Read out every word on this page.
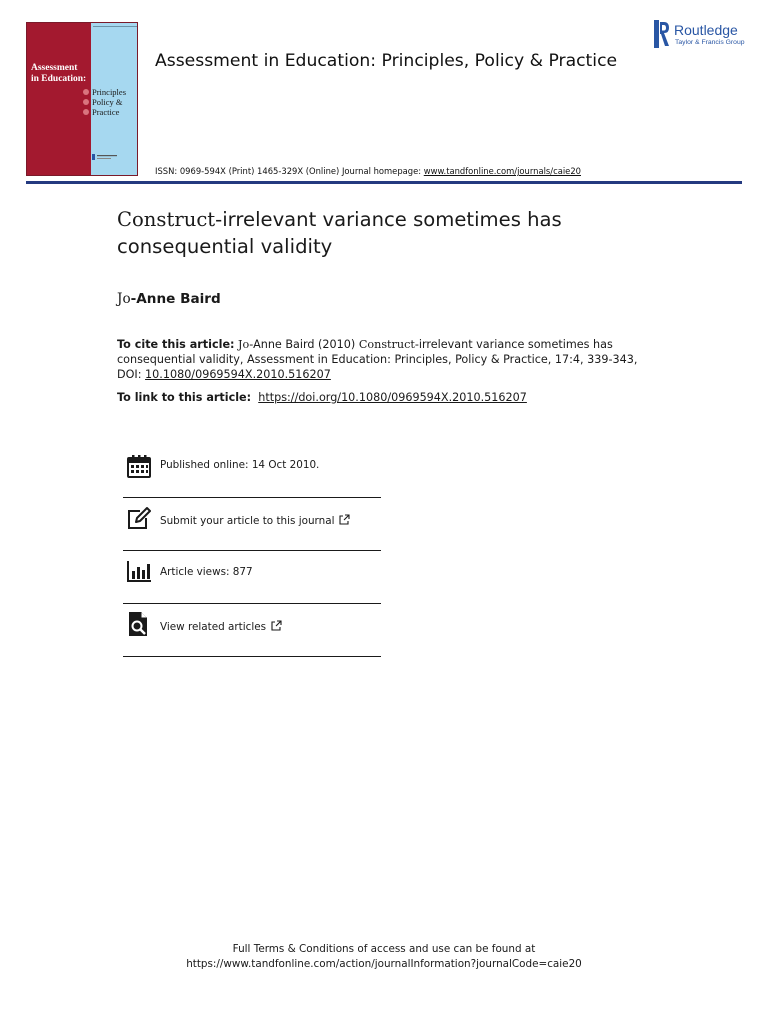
Assessment
in Education:
Principles
Policy &
Practice
Assessment in Education: Principles, Policy & Practice
Routledge
Taylor & Francis Group
ISSN: 0969-594X (Print) 1465-329X (Online) Journal homepage: www.tandfonline.com/journals/caie20
Construct-irrelevant variance sometimes has consequential validity
Jo-Anne Baird
To cite this article: Jo-Anne Baird (2010) Construct-irrelevant variance sometimes has consequential validity, Assessment in Education: Principles, Policy & Practice, 17:4, 339-343, DOI: 10.1080/0969594X.2010.516207
To link to this article: https://doi.org/10.1080/0969594X.2010.516207
Published online: 14 Oct 2010.
Submit your article to this journal
Article views: 877
View related articles
Full Terms & Conditions of access and use can be found at
https://www.tandfonline.com/action/journalInformation?journalCode=caie20
